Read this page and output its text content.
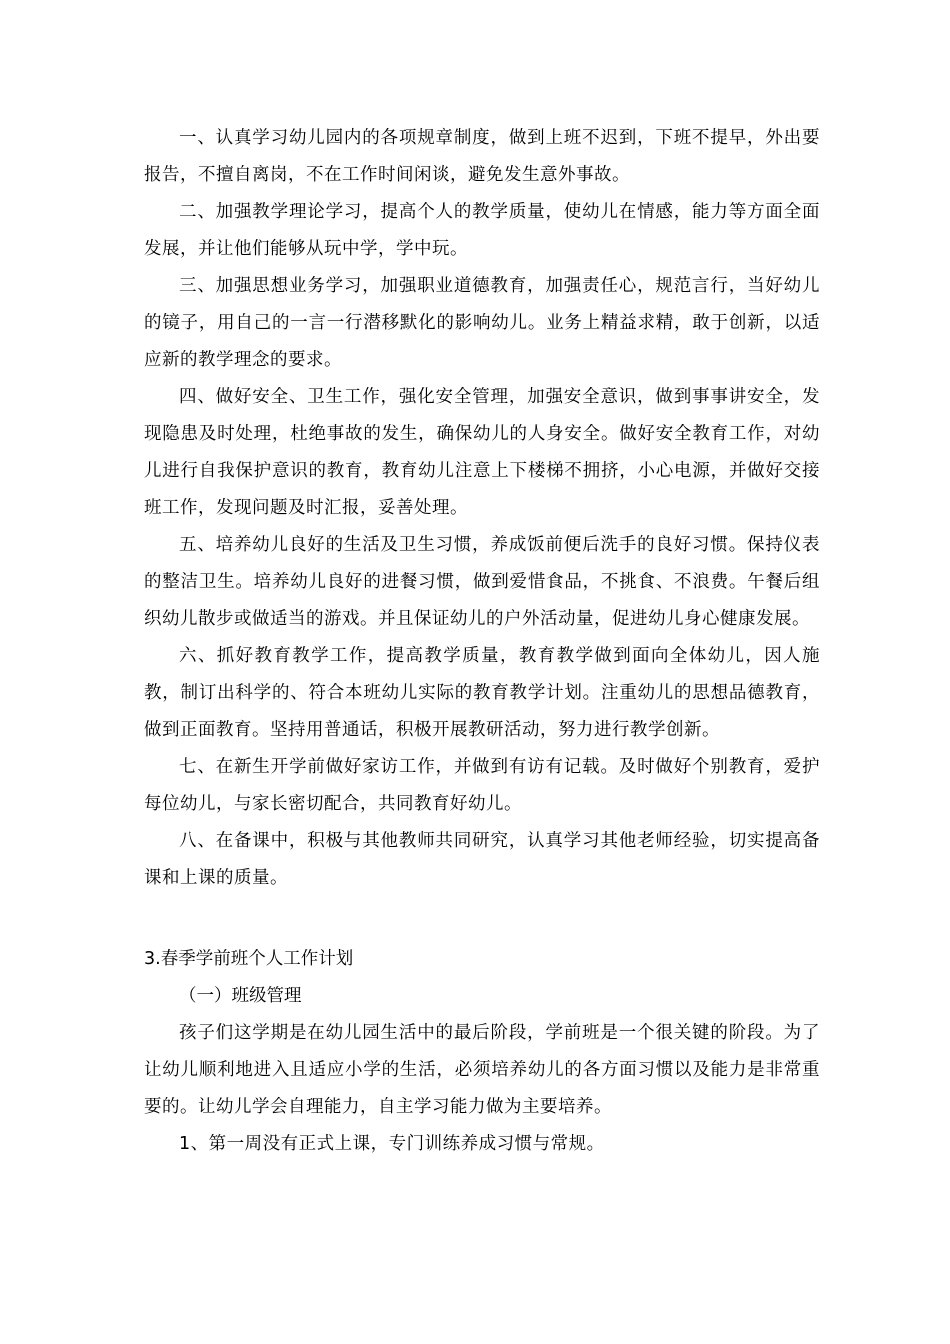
一、认真学习幼儿园内的各项规章制度，做到上班不迟到，下班不提早，外出要报告，不擅自离岗，不在工作时间闲谈，避免发生意外事故。

二、加强教学理论学习，提高个人的教学质量，使幼儿在情感，能力等方面全面发展，并让他们能够从玩中学，学中玩。

三、加强思想业务学习，加强职业道德教育，加强责任心，规范言行，当好幼儿的镜子，用自己的一言一行潜移默化的影响幼儿。业务上精益求精，敢于创新，以适应新的教学理念的要求。

四、做好安全、卫生工作，强化安全管理，加强安全意识，做到事事讲安全，发现隐患及时处理，杜绝事故的发生，确保幼儿的人身安全。做好安全教育工作，对幼儿进行自我保护意识的教育，教育幼儿注意上下楼梯不拥挤，小心电源，并做好交接班工作，发现问题及时汇报，妥善处理。

五、培养幼儿良好的生活及卫生习惯，养成饭前便后洗手的良好习惯。保持仪表的整洁卫生。培养幼儿良好的进餐习惯，做到爱惜食品，不挑食、不浪费。午餐后组织幼儿散步或做适当的游戏。并且保证幼儿的户外活动量，促进幼儿身心健康发展。

六、抓好教育教学工作，提高教学质量，教育教学做到面向全体幼儿，因人施教，制订出科学的、符合本班幼儿实际的教育教学计划。注重幼儿的思想品德教育，做到正面教育。坚持用普通话，积极开展教研活动，努力进行教学创新。

七、在新生开学前做好家访工作，并做到有访有记载。及时做好个别教育，爱护每位幼儿，与家长密切配合，共同教育好幼儿。

八、在备课中，积极与其他教师共同研究，认真学习其他老师经验，切实提高备课和上课的质量。

3.春季学前班个人工作计划

（一）班级管理

孩子们这学期是在幼儿园生活中的最后阶段，学前班是一个很关键的阶段。为了让幼儿顺利地进入且适应小学的生活，必须培养幼儿的各方面习惯以及能力是非常重要的。让幼儿学会自理能力，自主学习能力做为主要培养。

1、第一周没有正式上课，专门训练养成习惯与常规。
